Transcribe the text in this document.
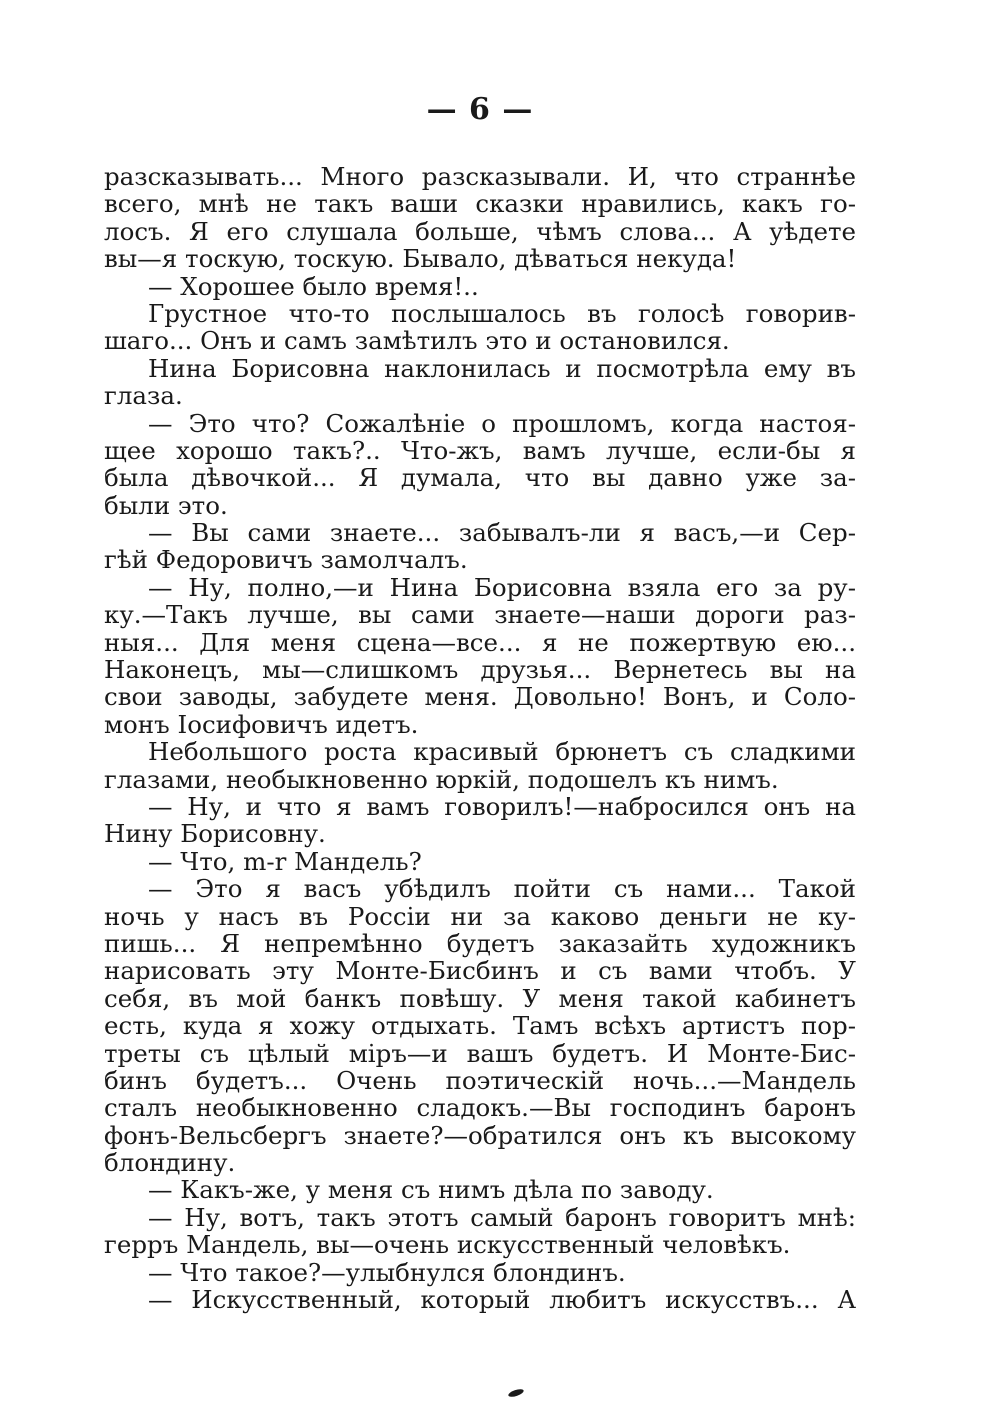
— 6 —
разсказывать... Много разсказывали. И, что страннѣе
всего, мнѣ не такъ ваши сказки нравились, какъ го-
лосъ. Я его слушала больше, чѣмъ слова... А уѣдете
вы—я тоскую, тоскую. Бывало, дѣваться некуда!
— Хорошее было время!..
Грустное что-то послышалось въ голосѣ говорив-
шаго... Онъ и самъ замѣтилъ это и остановился.
Нина Борисовна наклонилась и посмотрѣла ему въ
глаза.
— Это что? Сожалѣніе о прошломъ, когда настоя-
щее хорошо такъ?.. Что-жъ, вамъ лучше, если-бы я
была дѣвочкой... Я думала, что вы давно уже за-
были это.
— Вы сами знаете... забывалъ-ли я васъ,—и Сер-
гѣй Федоровичъ замолчалъ.
— Ну, полно,—и Нина Борисовна взяла его за ру-
ку.—Такъ лучше, вы сами знаете—наши дороги раз-
ныя... Для меня сцена—все... я не пожертвую ею...
Наконецъ, мы—слишкомъ друзья... Вернетесь вы на
свои заводы, забудете меня. Довольно! Вонъ, и Соло-
монъ Іосифовичъ идетъ.
Небольшого роста красивый брюнетъ съ сладкими
глазами, необыкновенно юркій, подошелъ къ нимъ.
— Ну, и что я вамъ говорилъ!—набросился онъ на
Нину Борисовну.
— Что, m-r Мандель?
— Это я васъ убѣдилъ пойти съ нами... Такой
ночь у насъ въ Россіи ни за каково деньги не ку-
пишь... Я непремѣнно будетъ заказайть художникъ
нарисовать эту Монте-Бисбинъ и съ вами чтобъ. У
себя, въ мой банкъ повѣшу. У меня такой кабинетъ
есть, куда я хожу отдыхать. Тамъ всѣхъ артистъ пор-
треты съ цѣлый міръ—и вашъ будетъ. И Монте-Бис-
бинъ будетъ... Очень поэтическій ночь...—Мандель
сталъ необыкновенно сладокъ.—Вы господинъ баронъ
фонъ-Вельсбергъ знаете?—обратился онъ къ высокому
блондину.
— Какъ-же, у меня съ нимъ дѣла по заводу.
— Ну, вотъ, такъ этотъ самый баронъ говоритъ мнѣ:
герръ Мандель, вы—очень искусственный человѣкъ.
— Что такое?—улыбнулся блондинъ.
— Искусственный, который любитъ искусствъ... А
